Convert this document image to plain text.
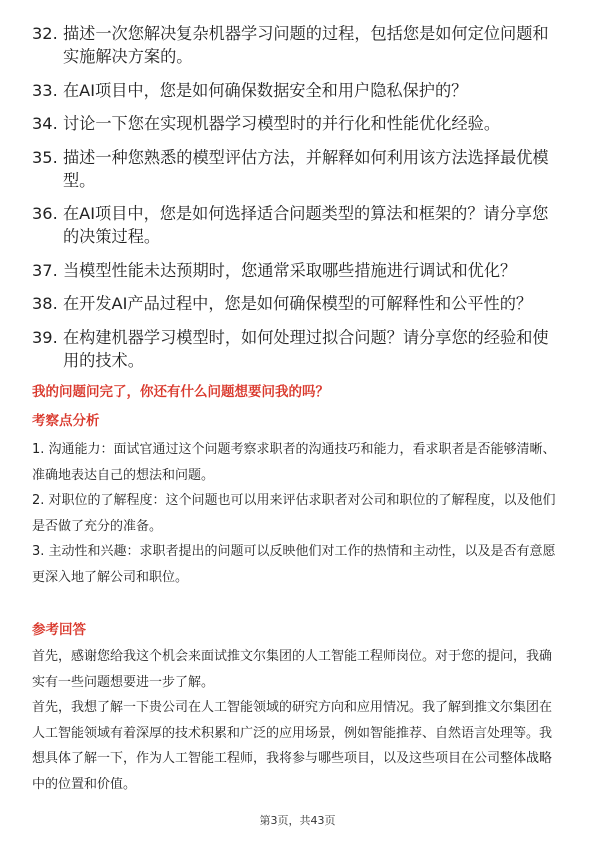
32. 描述一次您解决复杂机器学习问题的过程，包括您是如何定位问题和实施解决方案的。
33. 在AI项目中，您是如何确保数据安全和用户隐私保护的？
34. 讨论一下您在实现机器学习模型时的并行化和性能优化经验。
35. 描述一种您熟悉的模型评估方法，并解释如何利用该方法选择最优模型。
36. 在AI项目中，您是如何选择适合问题类型的算法和框架的？请分享您的决策过程。
37. 当模型性能未达预期时，您通常采取哪些措施进行调试和优化？
38. 在开发AI产品过程中，您是如何确保模型的可解释性和公平性的？
39. 在构建机器学习模型时，如何处理过拟合问题？请分享您的经验和使用的技术。
我的问题问完了，你还有什么问题想要问我的吗？
考察点分析
1. 沟通能力：面试官通过这个问题考察求职者的沟通技巧和能力，看求职者是否能够清晰、准确地表达自己的想法和问题。
2. 对职位的了解程度：这个问题也可以用来评估求职者对公司和职位的了解程度，以及他们是否做了充分的准备。
3. 主动性和兴趣：求职者提出的问题可以反映他们对工作的热情和主动性，以及是否有意愿更深入地了解公司和职位。
参考回答
首先，感谢您给我这个机会来面试推文尔集团的人工智能工程师岗位。对于您的提问，我确实有一些问题想要进一步了解。
首先，我想了解一下贵公司在人工智能领域的研究方向和应用情况。我了解到推文尔集团在人工智能领域有着深厚的技术积累和广泛的应用场景，例如智能推荐、自然语言处理等。我想具体了解一下，作为人工智能工程师，我将参与哪些项目，以及这些项目在公司整体战略中的位置和价值。
第3页，共43页
